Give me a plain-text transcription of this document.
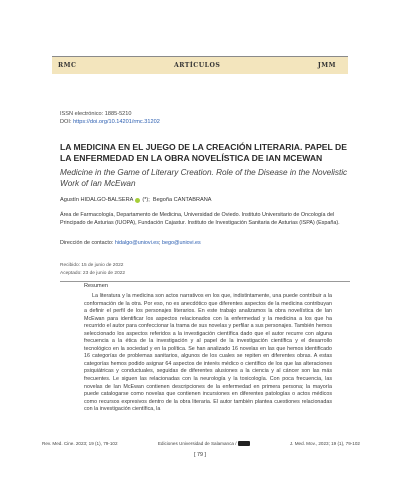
RMC	ARTÍCULOS	JMM
ISSN electrónico: 1885-5210
DOI: https://doi.org/10.14201/rmc.31202
LA MEDICINA EN EL JUEGO DE LA CREACIÓN LITERARIA. PAPEL DE LA ENFERMEDAD EN LA OBRA NOVELÍSTICA DE IAN MCEWAN
Medicine in the Game of Literary Creation. Role of the Disease in the Novelistic Work of Ian McEwan
Agustín HIDALGO-BALSERA (*); Begoña CANTABRANA
Área de Farmacología, Departamento de Medicina, Universidad de Oviedo. Instituto Universitario de Oncología del Principado de Asturias (IUOPA), Fundación Cajastur. Instituto de Investigación Sanitaria de Asturias (ISPA) (España).
Dirección de contacto: hidalgo@uniovi.es; bego@uniovi.es
Recibido: 15 de junio de 2022
Aceptado: 23 de junio de 2022
Resumen
La literatura y la medicina son actos narrativos en los que, indistintamente, una puede contribuir a la conformación de la otra. Por eso, no es anecdótico que diferentes aspectos de la medicina contribuyan a definir el perfil de los personajes literarios. En este trabajo analizamos la obra novelística de Ian McEwan para identificar los aspectos relacionados con la enfermedad y la medicina a los que ha recurrido el autor para confeccionar la trama de sus novelas y perfilar a sus personajes. También hemos seleccionado los aspectos referidos a la investigación científica dado que el autor recurre con alguna frecuencia a la ética de la investigación y al papel de la investigación científica y el desarrollo tecnológico en la sociedad y en la política. Se han analizado 16 novelas en las que hemos identificado 16 categorías de problemas sanitarios, algunos de los cuales se repiten en diferentes obras. A estas categorías hemos podido asignar 64 aspectos de interés médico o científico de los que las alteraciones psiquiátricas y conductuales, seguidas de diferentes alusiones a la ciencia y al cáncer son las más frecuentes. Le siguen las relacionadas con la neurología y la toxicología. Con poca frecuencia, las novelas de Ian McEwan contienen descripciones de la enfermedad en primera persona; la mayoría puede catalogarse como novelas que contienen incursiones en diferentes patologías o actos médicos como recursos expresivos dentro de la obra literaria. El autor también plantea cuestiones relacionadas con la investigación científica, la
Rev. Med. Cine. 2023; 19 (1), 79-102	Ediciones Universidad de Salamanca /	J. Med. Mov., 2023; 19 (1), 79-102
[ 79 ]
